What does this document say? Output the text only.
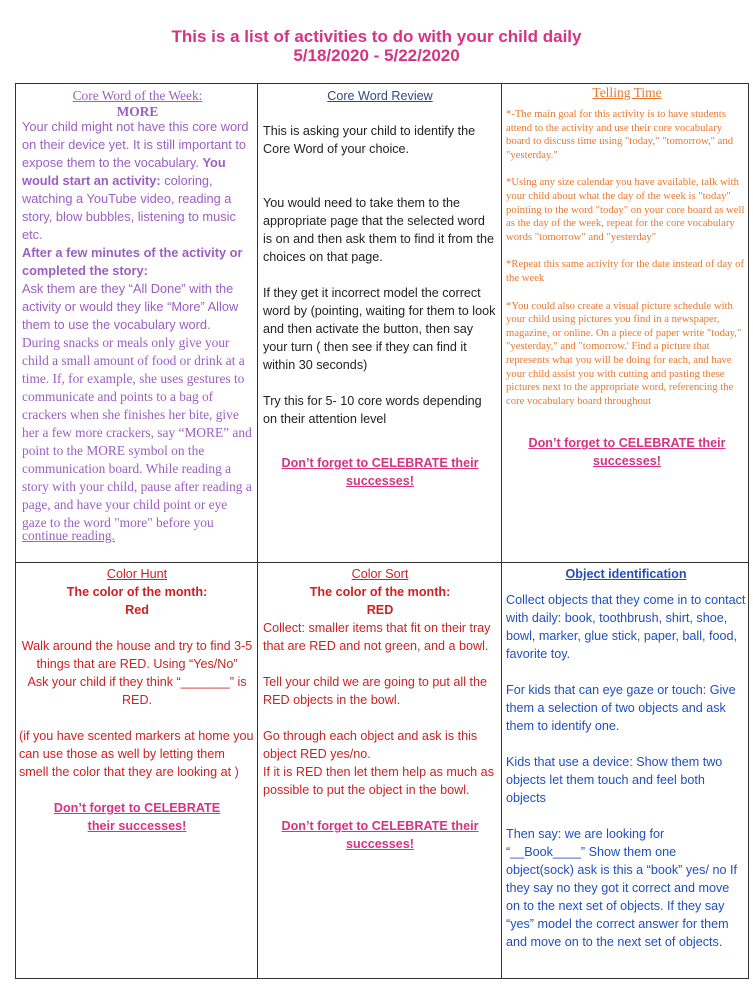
This is a list of activities to do with your child daily
5/18/2020 - 5/22/2020

Core Word of the Week:

MORE

Your child might not have this core word on their device yet. It is still important to expose them to the vocabulary. You would start an activity: coloring, watching a YouTube video, reading a story, blow bubbles, listening to music etc.

After a few minutes of the activity or completed the story:

Ask them are they “All Done” with the activity or would they like “More” Allow them to use the vocabulary word.

During snacks or meals only give your child a small amount of food or drink at a time. If, for example, she uses gestures to communicate and points to a bag of crackers when she finishes her bite, give her a few more crackers, say “MORE” and point to the MORE symbol on the communication board. While reading a story with your child, pause after reading a page, and have your child point or eye gaze to the word "more" before you

continue reading.

Core Word Review

This is asking your child to identify the Core Word of your choice.

You would need to take them to the appropriate page that the selected word is on and then ask them to find it from the choices on that page.

If they get it incorrect model the correct word by (pointing, waiting for them to look and then activate the button, then say your turn ( then see if they can find it within 30 seconds)

Try this for 5- 10 core words depending on their attention level

Don’t forget to CELEBRATE their successes!

Telling Time

*-The main goal for this activity is to have students attend to the activity and use their core vocabulary board to discuss time using "today," "tomorrow," and "yesterday."

*Using any size calendar you have available, talk with your child about what the day of the week is "today" pointing to the word "today" on your core board as well as the day of the week, repeat for the core vocabulary words "tomorrow" and "yesterday"

*Repeat this same activity for the date instead of day of the week

*You could also create a visual picture schedule with your child using pictures you find in a newspaper, magazine, or online. On a piece of paper write "today," "yesterday," and "tomorrow.' Find a picture that represents what you will be doing for each, and have your child assist you with cutting and pasting these pictures next to the appropriate word, referencing the core vocabulary board throughout

Don’t forget to CELEBRATE their successes!

Color Hunt

The color of the month:

Red

Walk around the house and try to find 3-5 things that are RED. Using “Yes/No”

Ask your child if they think “_______” is RED.

(if you have scented markers at home you can use those as well by letting them smell the color that they are looking at )

Don’t forget to CELEBRATE their successes!

Color Sort

The color of the month:

RED

Collect: smaller items that fit on their tray that are RED and not green, and a bowl.

Tell your child we are going to put all the RED objects in the bowl.

Go through each object and ask is this object RED yes/no.

If it is RED then let them help as much as possible to put the object in the bowl.

Don’t forget to CELEBRATE their successes!

Object identification

Collect objects that they come in to contact with daily: book, toothbrush, shirt, shoe, bowl, marker, glue stick, paper, ball, food, favorite toy.

For kids that can eye gaze or touch: Give them a selection of two objects and ask them to identify one.

Kids that use a device: Show them two objects let them touch and feel both objects

Then say: we are looking for “__Book____” Show them one object(sock) ask is this a “book” yes/ no If they say no they got it correct and move on to the next set of objects. If they say “yes” model the correct answer for them and move on to the next set of objects.
